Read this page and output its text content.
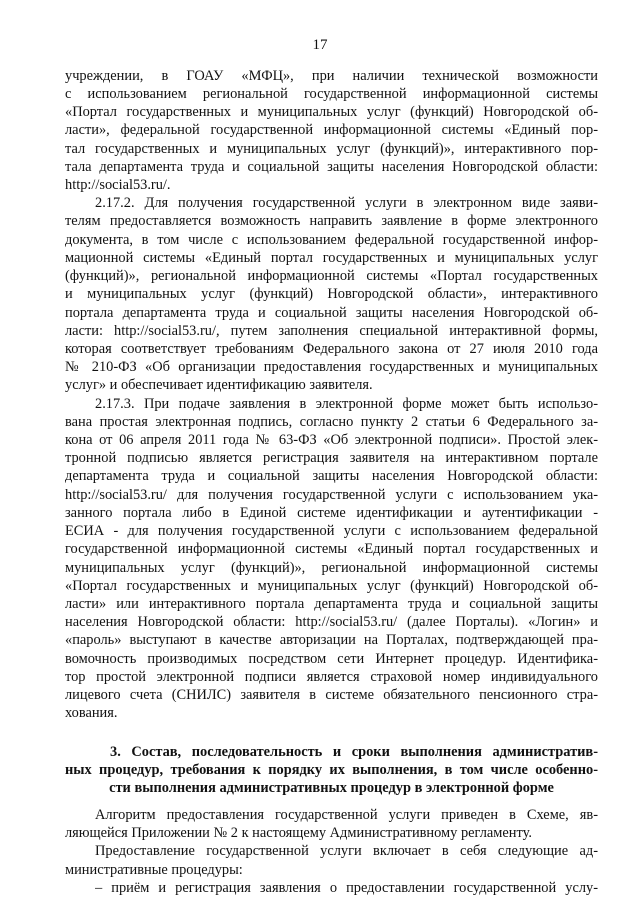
17
учреждении, в ГОАУ «МФЦ», при наличии технической возможности
с использованием региональной государственной информационной системы
«Портал государственных и муниципальных услуг (функций) Новгородской об-
ласти», федеральной государственной информационной системы «Единый пор-
тал государственных и муниципальных услуг (функций)», интерактивного пор-
тала департамента труда и социальной защиты населения Новгородской области:
http://social53.ru/.
2.17.2. Для получения государственной услуги в электронном виде заяви-
телям предоставляется возможность направить заявление в форме электронного
документа, в том числе с использованием федеральной государственной инфор-
мационной системы «Единый портал государственных и муниципальных услуг
(функций)», региональной информационной системы «Портал государственных
и муниципальных услуг (функций) Новгородской области», интерактивного
портала департамента труда и социальной защиты населения Новгородской об-
ласти: http://social53.ru/, путем заполнения специальной интерактивной формы,
которая соответствует требованиям Федерального закона от 27 июля 2010 года
№ 210-ФЗ «Об организации предоставления государственных и муниципальных
услуг» и обеспечивает идентификацию заявителя.
2.17.3. При подаче заявления в электронной форме может быть использо-
вана простая электронная подпись, согласно пункту 2 статьи 6 Федерального за-
кона от 06 апреля 2011 года № 63-ФЗ «Об электронной подписи». Простой элек-
тронной подписью является регистрация заявителя на интерактивном портале
департамента труда и социальной защиты населения Новгородской области:
http://social53.ru/ для получения государственной услуги с использованием ука-
занного портала либо в Единой системе идентификации и аутентификации -
ЕСИА - для получения государственной услуги с использованием федеральной
государственной информационной системы «Единый портал государственных и
муниципальных услуг (функций)», региональной информационной системы
«Портал государственных и муниципальных услуг (функций) Новгородской об-
ласти» или интерактивного портала департамента труда и социальной защиты
населения Новгородской области: http://social53.ru/ (далее Порталы). «Логин» и
«пароль» выступают в качестве авторизации на Порталах, подтверждающей пра-
вомочность производимых посредством сети Интернет процедур. Идентифика-
тор простой электронной подписи является страховой номер индивидуального
лицевого счета (СНИЛС) заявителя в системе обязательного пенсионного стра-
хования.
3. Состав, последовательность и сроки выполнения административ-
ных процедур, требования к порядку их выполнения, в том числе особенно-
сти выполнения административных процедур в электронной форме
Алгоритм предоставления государственной услуги приведен в Схеме, яв-
ляющейся Приложении № 2 к настоящему Административному регламенту.
Предоставление государственной услуги включает в себя следующие ад-
министративные процедуры:
– приём и регистрация заявления о предоставлении государственной услу-
